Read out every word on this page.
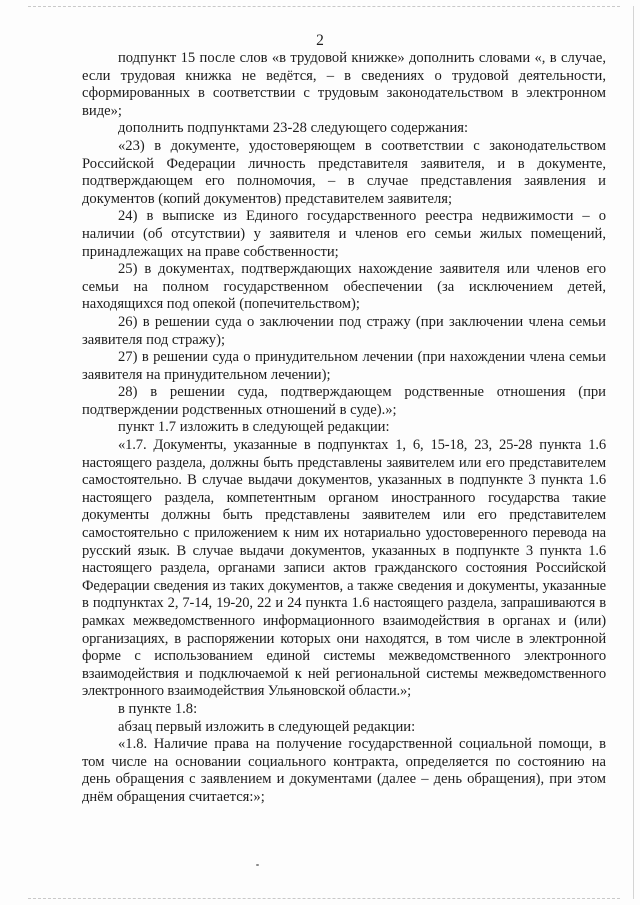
2

подпункт 15 после слов «в трудовой книжке» дополнить словами «, в случае, если трудовая книжка не ведётся, – в сведениях о трудовой деятельности, сформированных в соответствии с трудовым законодательством в электронном виде»;

дополнить подпунктами 23-28 следующего содержания:

«23) в документе, удостоверяющем в соответствии с законодательством Российской Федерации личность представителя заявителя, и в документе, подтверждающем его полномочия, – в случае представления заявления и документов (копий документов) представителем заявителя;

24) в выписке из Единого государственного реестра недвижимости – о наличии (об отсутствии) у заявителя и членов его семьи жилых помещений, принадлежащих на праве собственности;

25) в документах, подтверждающих нахождение заявителя или членов его семьи на полном государственном обеспечении (за исключением детей, находящихся под опекой (попечительством);

26) в решении суда о заключении под стражу (при заключении члена семьи заявителя под стражу);

27) в решении суда о принудительном лечении (при нахождении члена семьи заявителя на принудительном лечении);

28) в решении суда, подтверждающем родственные отношения (при подтверждении родственных отношений в суде).»;

пункт 1.7 изложить в следующей редакции:

«1.7. Документы, указанные в подпунктах 1, 6, 15-18, 23, 25-28 пункта 1.6 настоящего раздела, должны быть представлены заявителем или его представителем самостоятельно. В случае выдачи документов, указанных в подпункте 3 пункта 1.6 настоящего раздела, компетентным органом иностранного государства такие документы должны быть представлены заявителем или его представителем самостоятельно с приложением к ним их нотариально удостоверенного перевода на русский язык. В случае выдачи документов, указанных в подпункте 3 пункта 1.6 настоящего раздела, органами записи актов гражданского состояния Российской Федерации сведения из таких документов, а также сведения и документы, указанные в подпунктах 2, 7-14, 19-20, 22 и 24 пункта 1.6 настоящего раздела, запрашиваются в рамках межведомственного информационного взаимодействия в органах и (или) организациях, в распоряжении которых они находятся, в том числе в электронной форме с использованием единой системы межведомственного электронного взаимодействия и подключаемой к ней региональной системы межведомственного электронного взаимодействия Ульяновской области.»;

в пункте 1.8:

абзац первый изложить в следующей редакции:

«1.8. Наличие права на получение государственной социальной помощи, в том числе на основании социального контракта, определяется по состоянию на день обращения с заявлением и документами (далее – день обращения), при этом днём обращения считается:»;
